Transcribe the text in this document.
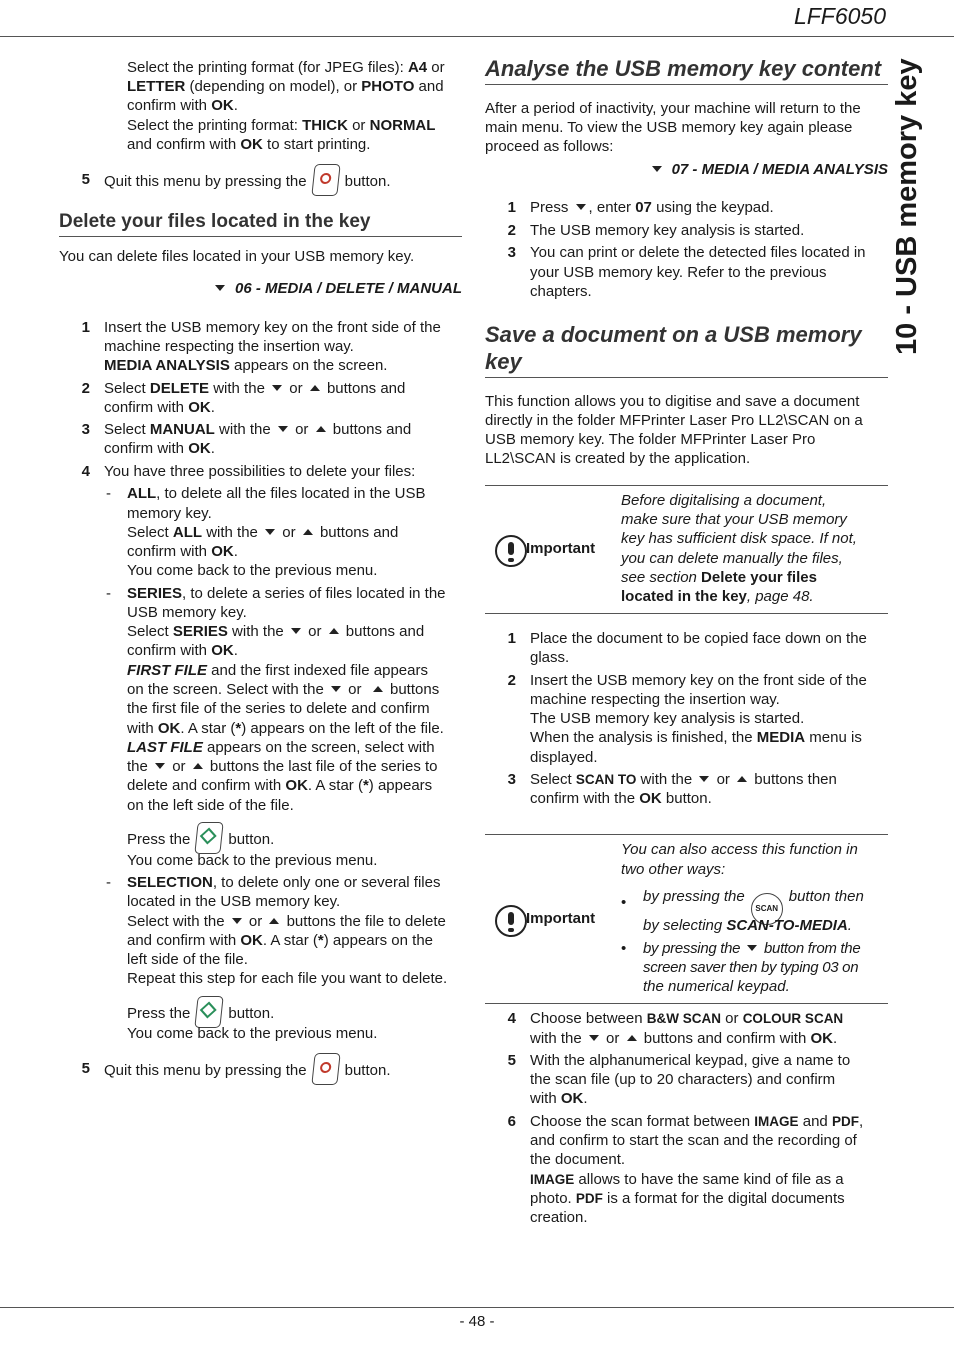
LFF6050
10 - USB memory key
Select the printing format (for JPEG files): A4 or
LETTER (depending on model), or PHOTO and
confirm with OK.
Select the printing format: THICK or NORMAL
and confirm with OK to start printing.
5 Quit this menu by pressing the	button.
Delete your files located in the key
You can delete files located in your USB memory key.
06 - MEDIA / DELETE / MANUAL
1 Insert the USB memory key on the front side of the
machine respecting the insertion way.
MEDIA ANALYSIS appears on the screen.
2 Select DELETE with the or buttons and
confirm with OK.
3 Select MANUAL with the or buttons and
confirm with OK.
4 You have three possibilities to delete your files:
- ALL, to delete all the files located in the USB
memory key.
Select ALL with the or buttons and
confirm with OK.
You come back to the previous menu.
- SERIES, to delete a series of files located in the
USB memory key.
Select SERIES with the or buttons and
confirm with OK.
FIRST FILE and the first indexed file appears
on the screen. Select with the or buttons
the first file of the series to delete and confirm
with OK. A star (*) appears on the left of the file.
LAST FILE appears on the screen, select with
the or buttons the last file of the series to
delete and confirm with OK. A star (*) appears
on the left side of the file.
Press the	button.
You come back to the previous menu.
- SELECTION, to delete only one or several files
located in the USB memory key.
Select with the or buttons the file to delete
and confirm with OK. A star (*) appears on the
left side of the file.
Repeat this step for each file you want to delete.
Press the	button.
You come back to the previous menu.
5 Quit this menu by pressing the	button.
Analyse the USB memory key content
After a period of inactivity, your machine will return to the
main menu. To view the USB memory key again please
proceed as follows:
07 - MEDIA / MEDIA ANALYSIS
1 Press , enter 07 using the keypad.
2 The USB memory key analysis is started.
3 You can print or delete the detected files located in
your USB memory key. Refer to the previous
chapters.
Save a document on a USB memory
key
This function allows you to digitise and save a document
directly in the folder MFPrinter Laser Pro LL2\SCAN on a
USB memory key. The folder MFPrinter Laser Pro
LL2\SCAN is created by the application.
Important
Before digitalising a document,
make sure that your USB memory
key has sufficient disk space. If not,
you can delete manually the files,
see section Delete your files
located in the key, page 48.
1 Place the document to be copied face down on the
glass.
2 Insert the USB memory key on the front side of the
machine respecting the insertion way.
The USB memory key analysis is started.
When the analysis is finished, the MEDIA menu is
displayed.
3 Select SCAN TO with the or buttons then
confirm with the OK button.
Important
You can also access this function in
two other ways:
• by pressing theSCANbutton then
by selecting SCAN-TO-MEDIA.
• by pressing the button from the
screen saver then by typing 03 on
the numerical keypad.
4 Choose between B&W SCAN or COLOUR SCAN
with the or buttons and confirm with OK.
5 With the alphanumerical keypad, give a name to
the scan file (up to 20 characters) and confirm
with OK.
6 Choose the scan format between IMAGE and PDF,
and confirm to start the scan and the recording of
the document.
IMAGE allows to have the same kind of file as a
photo. PDF is a format for the digital documents
creation.
- 48 -
